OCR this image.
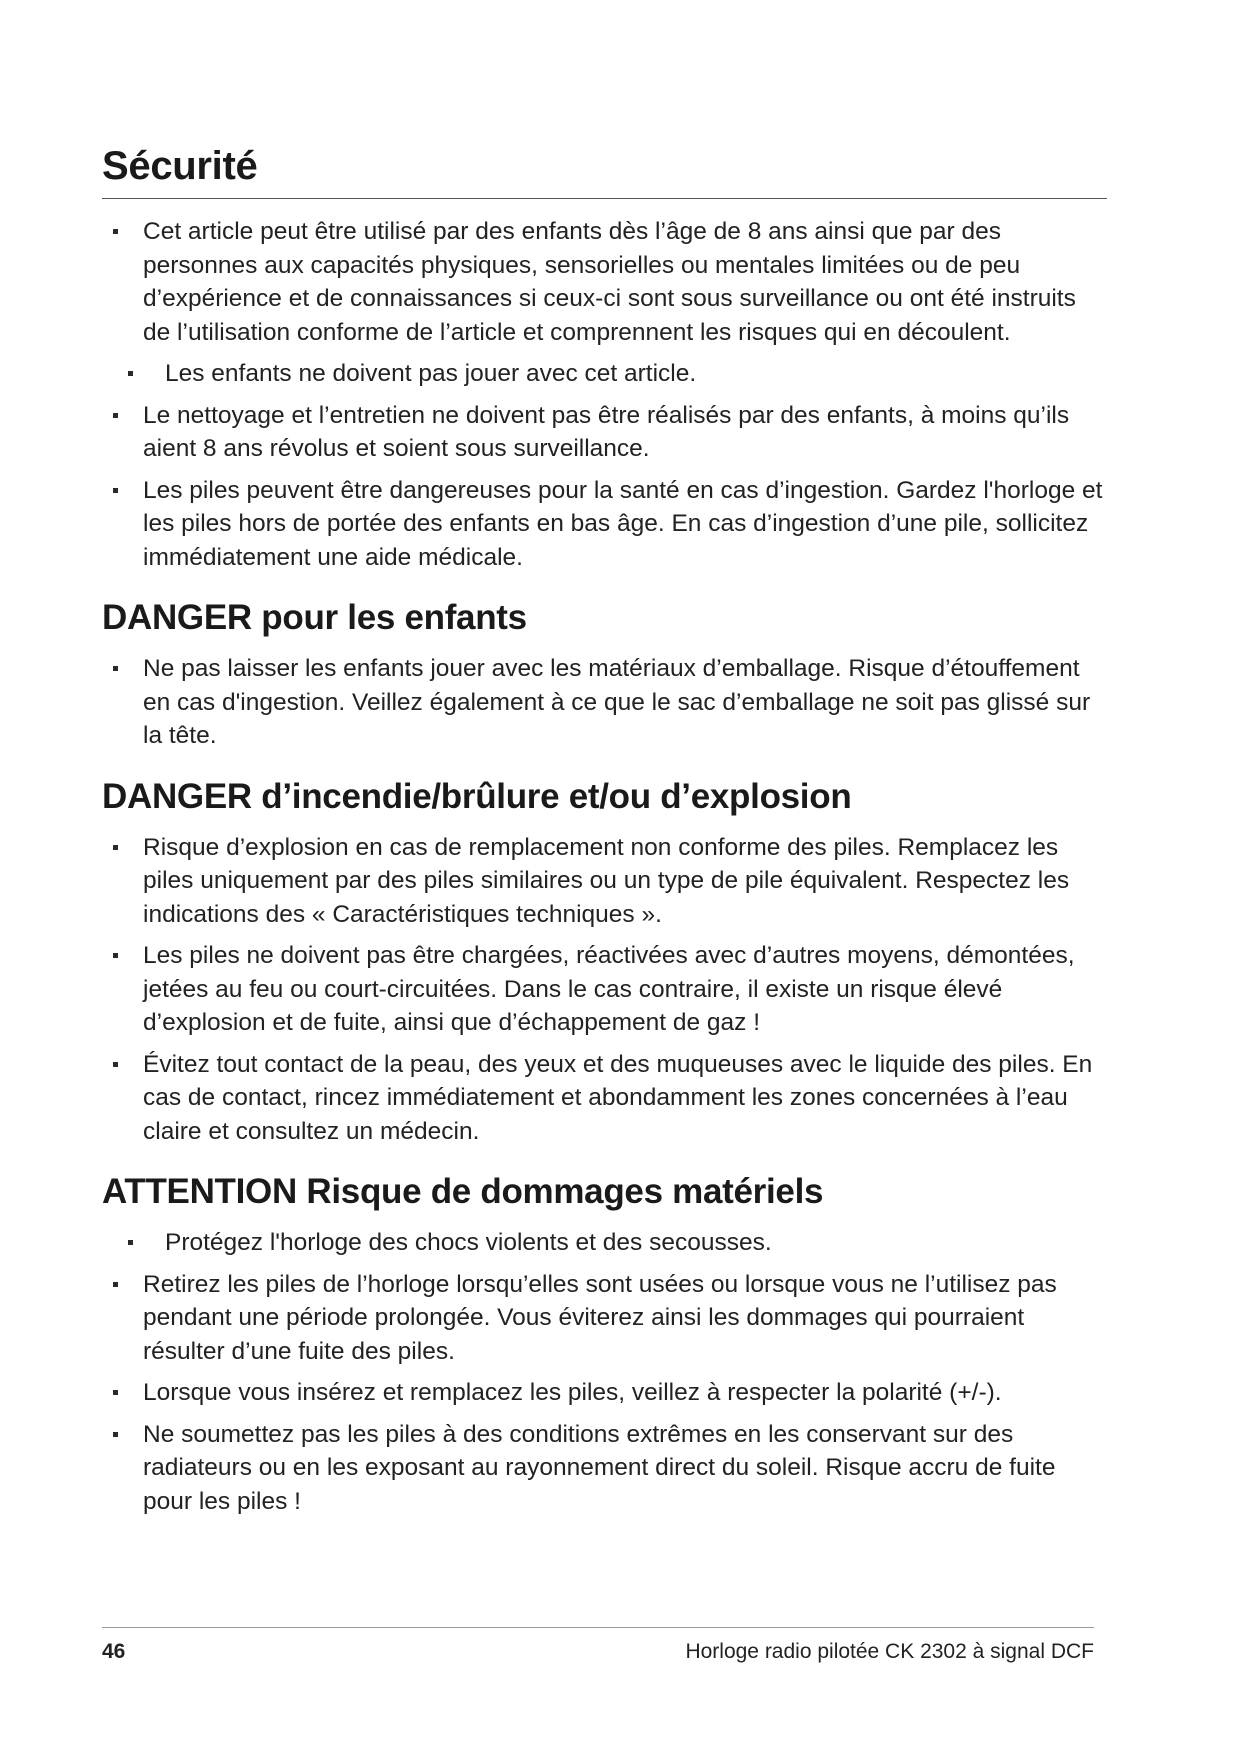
Sécurité
Cet article peut être utilisé par des enfants dès l’âge de 8 ans ainsi que par des personnes aux capacités physiques, sensorielles ou mentales limitées ou de peu d’expérience et de connaissances si ceux-ci sont sous surveillance ou ont été instruits de l’utilisation conforme de l’article et comprennent les risques qui en découlent.
Les enfants ne doivent pas jouer avec cet article.
Le nettoyage et l’entretien ne doivent pas être réalisés par des enfants, à moins qu’ils aient 8 ans révolus et soient sous surveillance.
Les piles peuvent être dangereuses pour la santé en cas d’ingestion. Gardez l'horloge et les piles hors de portée des enfants en bas âge. En cas d’ingestion d’une pile, sollicitez immédiatement une aide médicale.
DANGER pour les enfants
Ne pas laisser les enfants jouer avec les matériaux d’emballage. Risque d’étouffement en cas d'ingestion. Veillez également à ce que le sac d’emballage ne soit pas glissé sur la tête.
DANGER d’incendie/brûlure et/ou d’explosion
Risque d’explosion en cas de remplacement non conforme des piles. Remplacez les piles uniquement par des piles similaires ou un type de pile équivalent. Respectez les indications des « Caractéristiques techniques ».
Les piles ne doivent pas être chargées, réactivées avec d’autres moyens, démontées, jetées au feu ou court-circuitées. Dans le cas contraire, il existe un risque élevé d’explosion et de fuite, ainsi que d’échappement de gaz !
Évitez tout contact de la peau, des yeux et des muqueuses avec le liquide des piles. En cas de contact, rincez immédiatement et abondamment les zones concernées à l’eau claire et consultez un médecin.
ATTENTION Risque de dommages matériels
Protégez l'horloge des chocs violents et des secousses.
Retirez les piles de l’horloge lorsqu’elles sont usées ou lorsque vous ne l’utilisez pas pendant une période prolongée. Vous éviterez ainsi les dommages qui pourraient résulter d’une fuite des piles.
Lorsque vous insérez et remplacez les piles, veillez à respecter la polarité (+/-).
Ne soumettez pas les piles à des conditions extrêmes en les conservant sur des radiateurs ou en les exposant au rayonnement direct du soleil. Risque accru de fuite pour les piles !
46	Horloge radio pilotée CK 2302 à signal DCF
